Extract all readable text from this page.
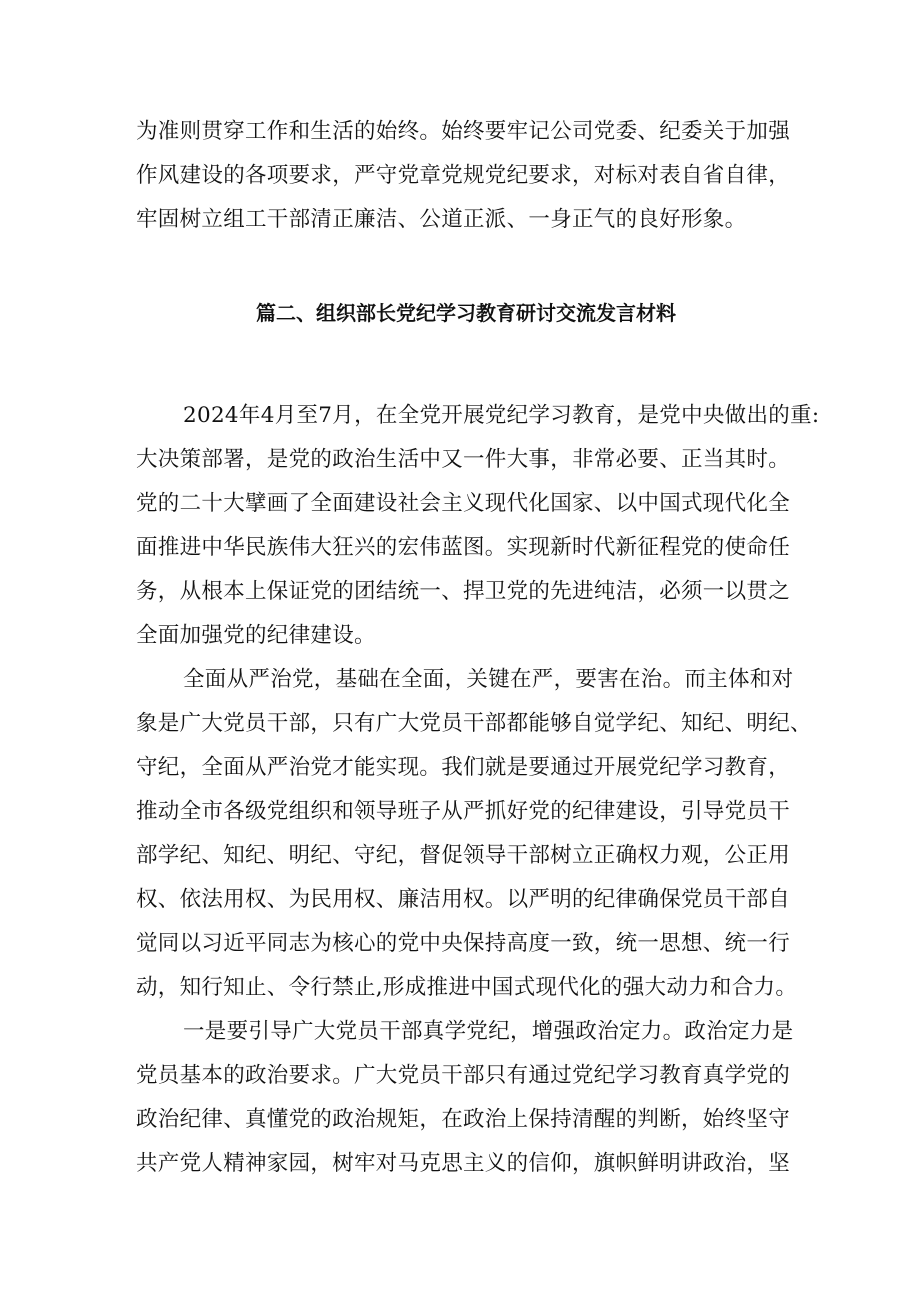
为准则贯穿工作和生活的始终。始终要牢记公司党委、纪委关于加强
作风建设的各项要求，严守党章党规党纪要求，对标对表自省自律，
牢固树立组工干部清正廉洁、公道正派、一身正气的良好形象。
篇二、组织部长党纪学习教育研讨交流发言材料
2024年4月至7月，在全党开展党纪学习教育，是党中央做出的重:
大决策部署，是党的政治生活中又一件大事，非常必要、正当其时。
党的二十大擘画了全面建设社会主义现代化国家、以中国式现代化全
面推进中华民族伟大狂兴的宏伟蓝图。实现新时代新征程党的使命任
务，从根本上保证党的团结统一、捍卫党的先进纯洁，必须一以贯之
全面加强党的纪律建设。
全面从严治党，基础在全面，关键在严，要害在治。而主体和对
象是广大党员干部，只有广大党员干部都能够自觉学纪、知纪、明纪、
守纪，全面从严治党才能实现。我们就是要通过开展党纪学习教育，
推动全市各级党组织和领导班子从严抓好党的纪律建设，引导党员干
部学纪、知纪、明纪、守纪，督促领导干部树立正确权力观，公正用
权、依法用权、为民用权、廉洁用权。以严明的纪律确保党员干部自
觉同以习近平同志为核心的党中央保持高度一致，统一思想、统一行
动，知行知止、令行禁止,形成推进中国式现代化的强大动力和合力。
一是要引导广大党员干部真学党纪，增强政治定力。政治定力是
党员基本的政治要求。广大党员干部只有通过党纪学习教育真学党的
政治纪律、真懂党的政治规矩，在政治上保持清醒的判断，始终坚守
共产党人精神家园，树牢对马克思主义的信仰，旗帜鲜明讲政治，坚
